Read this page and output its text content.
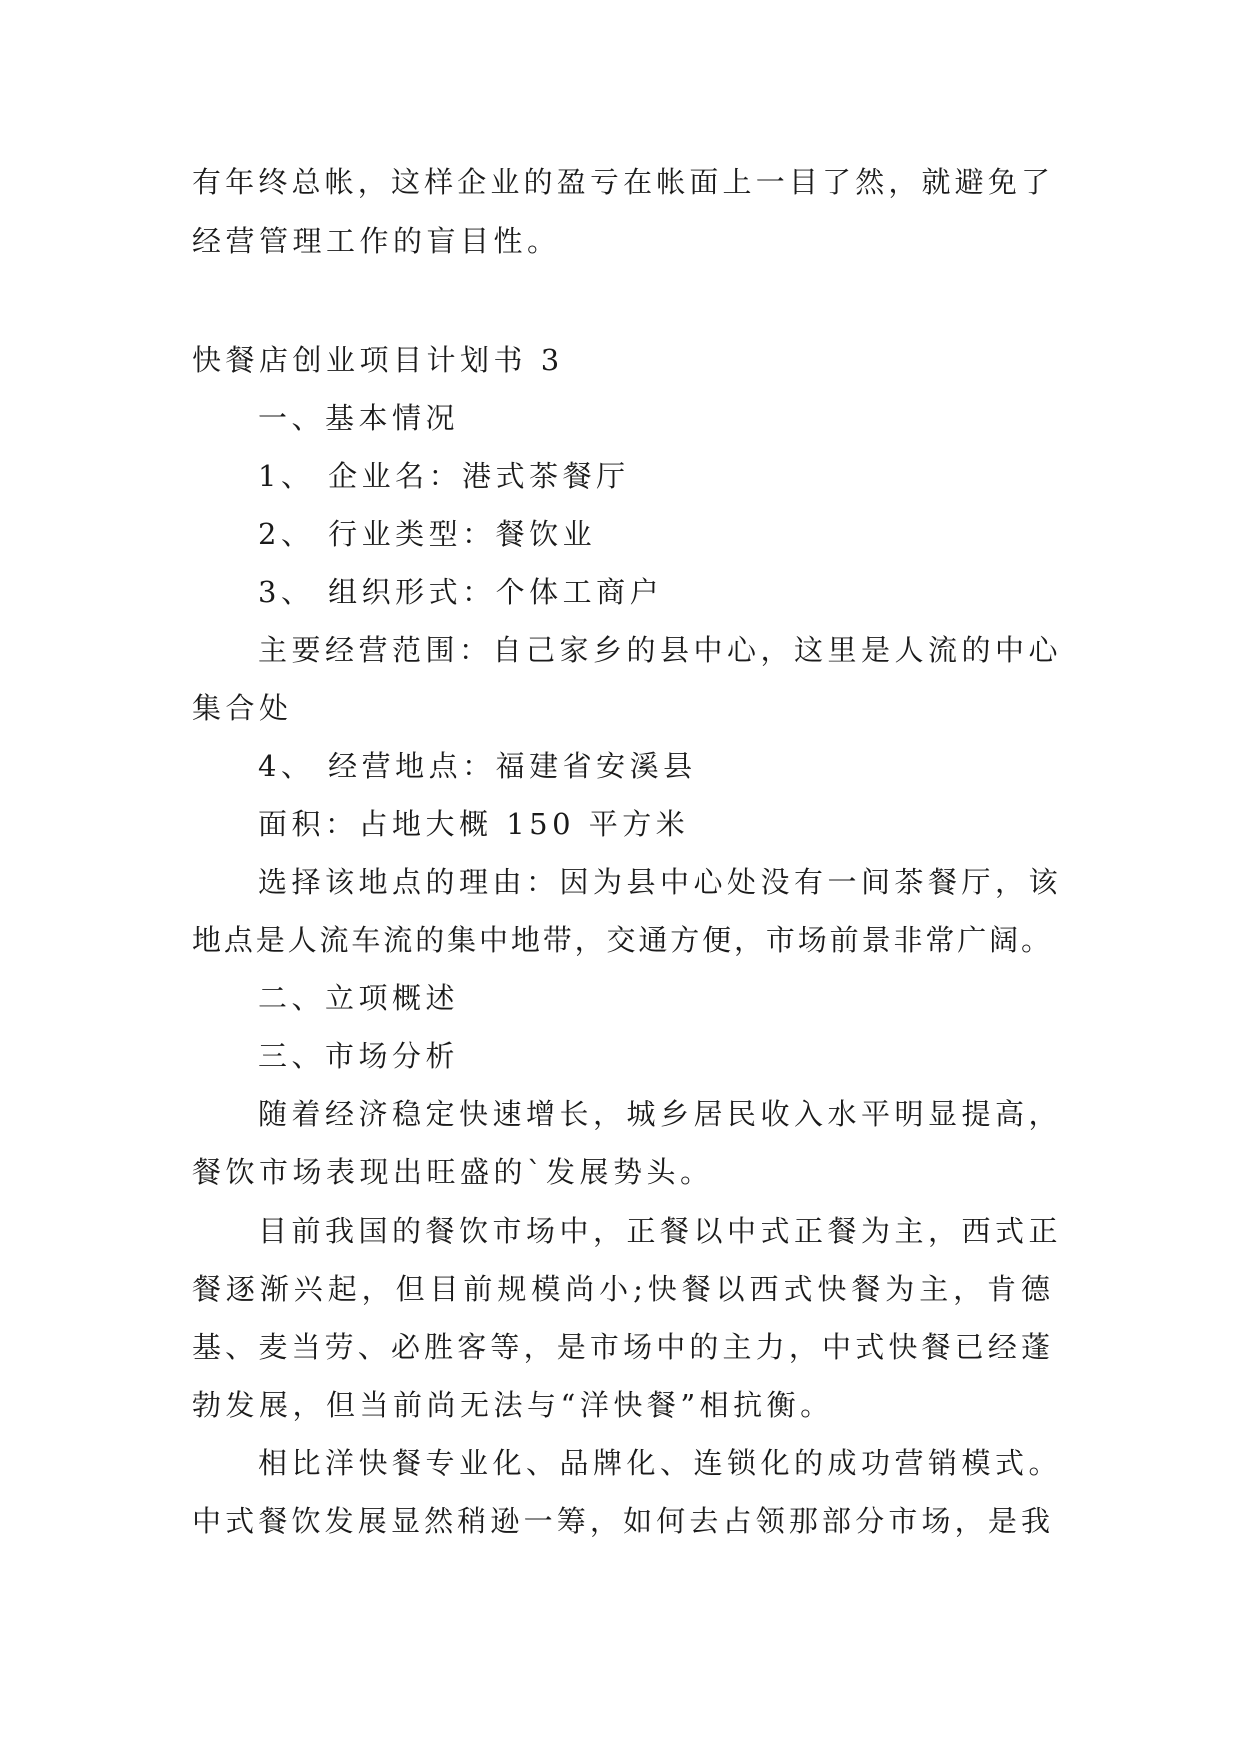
有年终总帐，这样企业的盈亏在帐面上一目了然，就避免了
经营管理工作的盲目性。
快餐店创业项目计划书 3
一、基本情况
1、 企业名：港式茶餐厅
2、 行业类型：餐饮业
3、 组织形式：个体工商户
主要经营范围：自己家乡的县中心，这里是人流的中心
集合处
4、 经营地点：福建省安溪县
面积：占地大概 150 平方米
选择该地点的理由：因为县中心处没有一间茶餐厅，该
地点是人流车流的集中地带，交通方便，市场前景非常广阔。
二、立项概述
三、市场分析
随着经济稳定快速增长，城乡居民收入水平明显提高，
餐饮市场表现出旺盛的`发展势头。
目前我国的餐饮市场中，正餐以中式正餐为主，西式正
餐逐渐兴起，但目前规模尚小;快餐以西式快餐为主，肯德
基、麦当劳、必胜客等，是市场中的主力，中式快餐已经蓬
勃发展，但当前尚无法与“洋快餐”相抗衡。
相比洋快餐专业化、品牌化、连锁化的成功营销模式。
中式餐饮发展显然稍逊一筹，如何去占领那部分市场，是我
